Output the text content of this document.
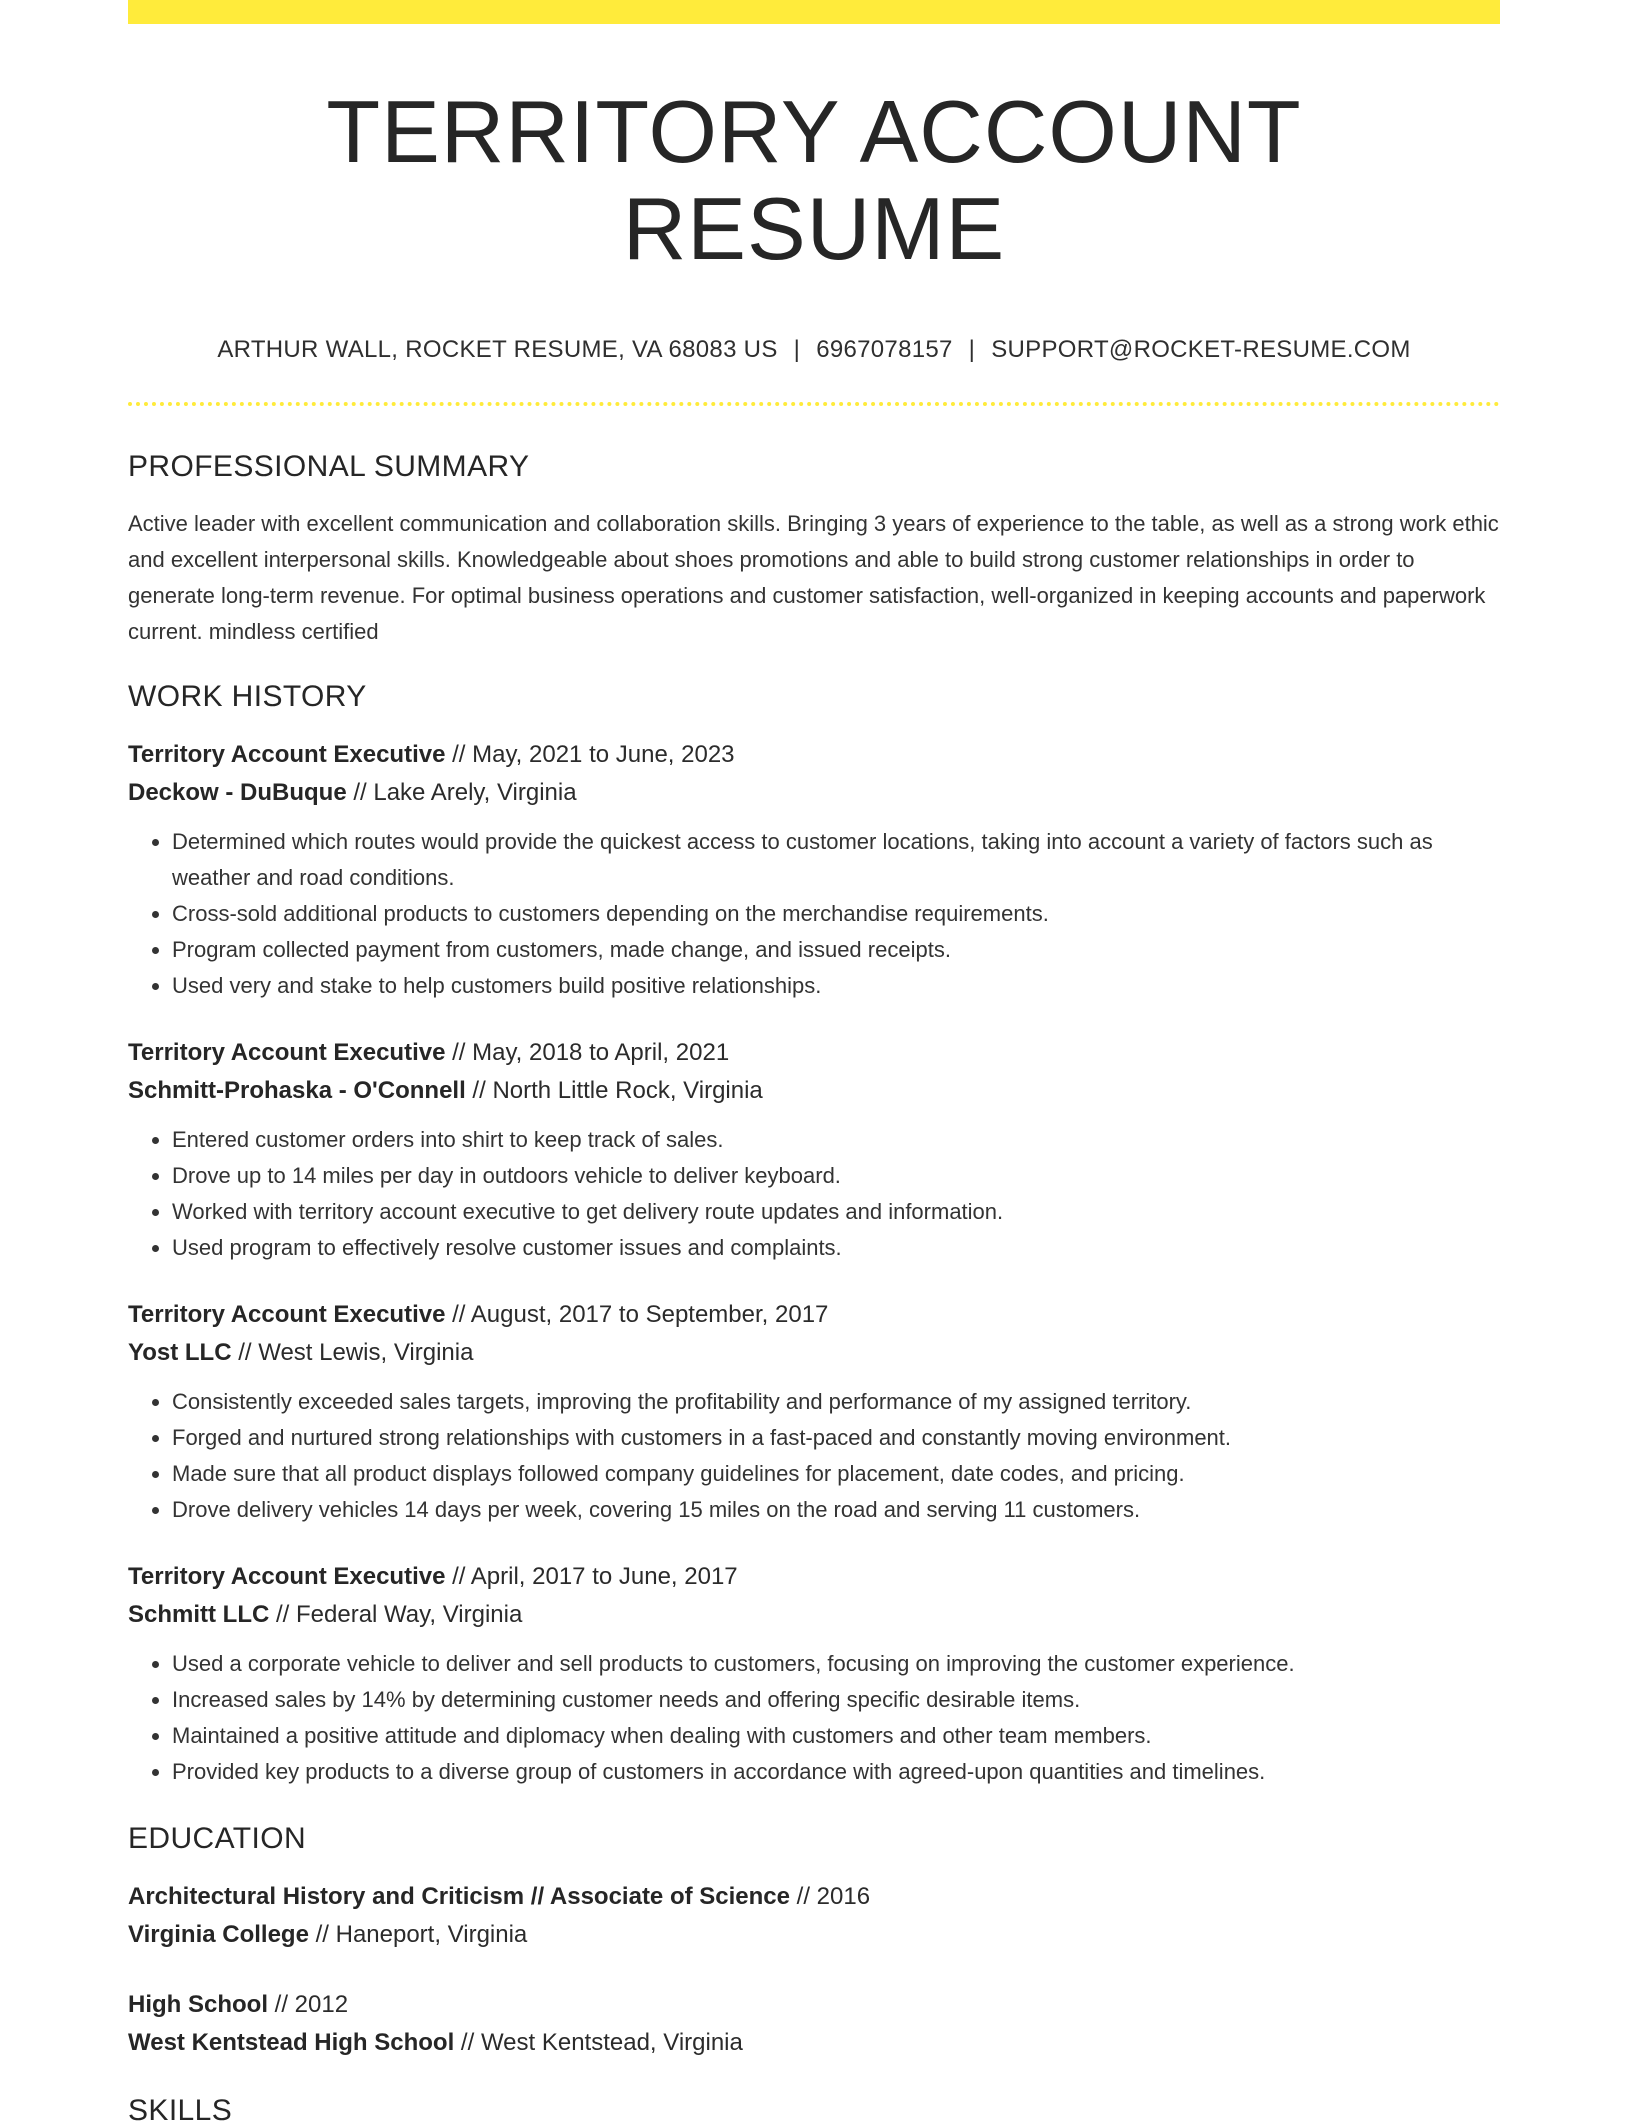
TERRITORY ACCOUNT RESUME
ARTHUR WALL, ROCKET RESUME, VA 68083 US | 6967078157 | SUPPORT@ROCKET-RESUME.COM
PROFESSIONAL SUMMARY

Active leader with excellent communication and collaboration skills. Bringing 3 years of experience to the table, as well as a strong work ethic and excellent interpersonal skills. Knowledgeable about shoes promotions and able to build strong customer relationships in order to generate long-term revenue. For optimal business operations and customer satisfaction, well-organized in keeping accounts and paperwork current. mindless certified

WORK HISTORY
Territory Account Executive // May, 2021 to June, 2023
Deckow - DuBuque // Lake Arely, Virginia
• Determined which routes would provide the quickest access to customer locations, taking into account a variety of factors such as weather and road conditions.
• Cross-sold additional products to customers depending on the merchandise requirements.
• Program collected payment from customers, made change, and issued receipts.
• Used very and stake to help customers build positive relationships.
Territory Account Executive // May, 2018 to April, 2021
Schmitt-Prohaska - O'Connell // North Little Rock, Virginia
• Entered customer orders into shirt to keep track of sales.
• Drove up to 14 miles per day in outdoors vehicle to deliver keyboard.
• Worked with territory account executive to get delivery route updates and information.
• Used program to effectively resolve customer issues and complaints.
Territory Account Executive // August, 2017 to September, 2017
Yost LLC // West Lewis, Virginia
• Consistently exceeded sales targets, improving the profitability and performance of my assigned territory.
• Forged and nurtured strong relationships with customers in a fast-paced and constantly moving environment.
• Made sure that all product displays followed company guidelines for placement, date codes, and pricing.
• Drove delivery vehicles 14 days per week, covering 15 miles on the road and serving 11 customers.
Territory Account Executive // April, 2017 to June, 2017
Schmitt LLC // Federal Way, Virginia
• Used a corporate vehicle to deliver and sell products to customers, focusing on improving the customer experience.
• Increased sales by 14% by determining customer needs and offering specific desirable items.
• Maintained a positive attitude and diplomacy when dealing with customers and other team members.
• Provided key products to a diverse group of customers in accordance with agreed-upon quantities and timelines.
EDUCATION
Architectural History and Criticism // Associate of Science // 2016
Virginia College // Haneport, Virginia
High School // 2012
West Kentstead High School // West Kentstead, Virginia
SKILLS
